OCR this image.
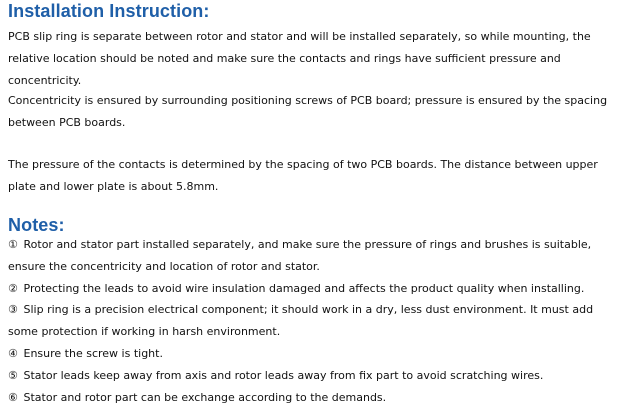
Installation Instruction:

PCB slip ring is separate between rotor and stator and will be installed separately, so while mounting, the relative location should be noted and make sure the contacts and rings have sufficient pressure and concentricity.

Concentricity is ensured by surrounding positioning screws of PCB board; pressure is ensured by the spacing between PCB boards.

The pressure of the contacts is determined by the spacing of two PCB boards. The distance between upper plate and lower plate is about 5.8mm.

Notes:
① Rotor and stator part installed separately, and make sure the pressure of rings and brushes is suitable, ensure the concentricity and location of rotor and stator.
② Protecting the leads to avoid wire insulation damaged and affects the product quality when installing.
③ Slip ring is a precision electrical component; it should work in a dry, less dust environment. It must add some protection if working in harsh environment.
④ Ensure the screw is tight.
⑤ Stator leads keep away from axis and rotor leads away from fix part to avoid scratching wires.
⑥ Stator and rotor part can be exchange according to the demands.
